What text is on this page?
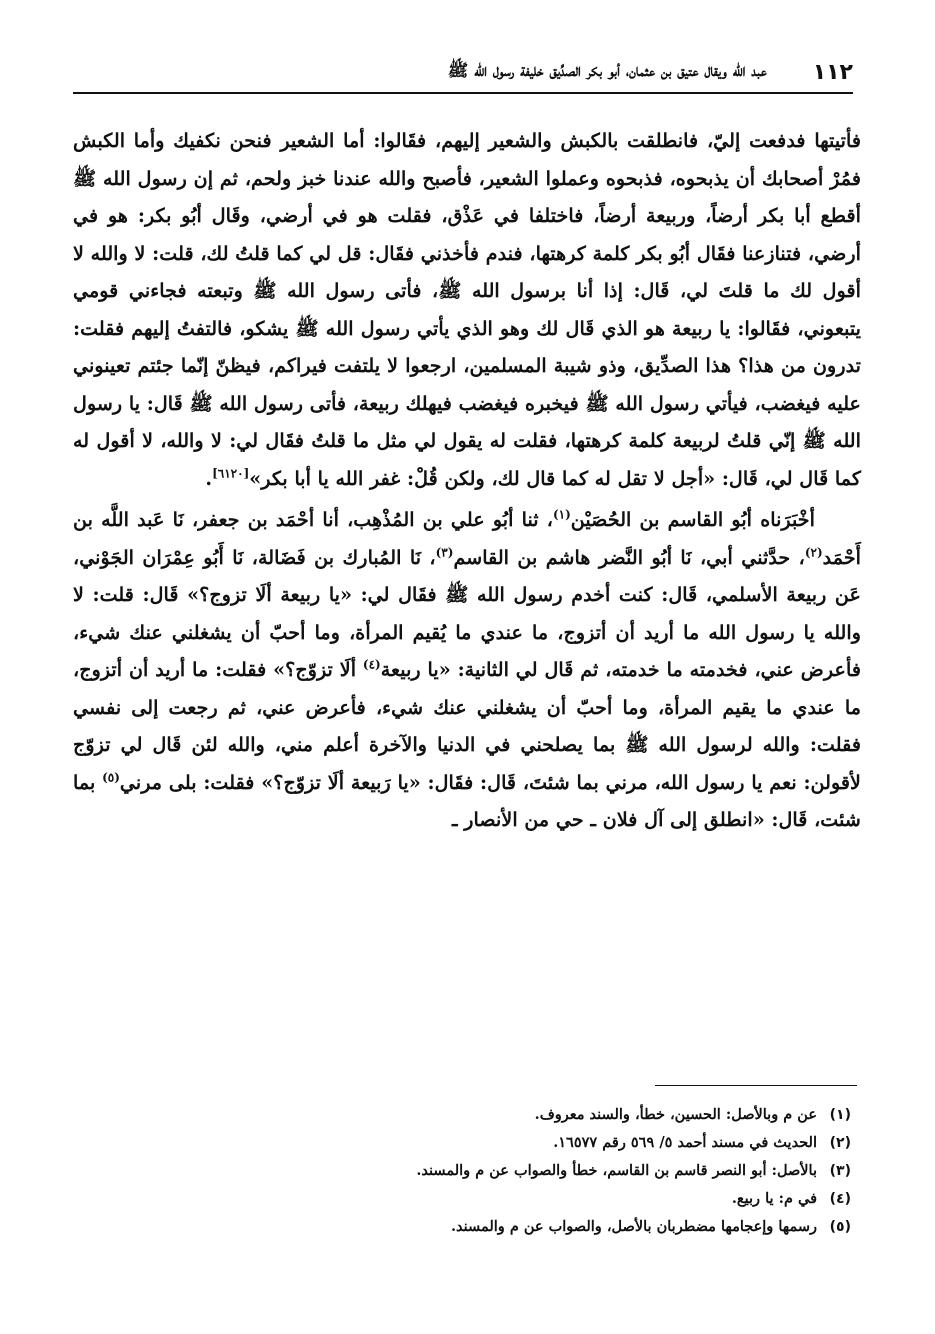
١١٢
عبد الله ويقال عتيق بن عثمان، أبو بكر الصدِّيق خليفة رسول الله ﷺ

فأتيتها فدفعت إليّ، فانطلقت بالكبش والشعير إليهم، فقَالوا: أما الشعير فنحن نكفيك وأما الكبش فمُرْ أصحابك أن يذبحوه، فذبحوه وعملوا الشعير، فأصبح والله عندنا خبز ولحم، ثم إن رسول الله ﷺ أقطع أبا بكر أرضاً، وربيعة أرضاً، فاختلفا في عَذْق، فقلت هو في أرضي، وقَال أبُو بكر: هو في أرضي، فتنازعنا فقَال أبُو بكر كلمة كرهتها، فندم فأخذني فقَال: قل لي كما قلتُ لك، قلت: لا والله لا أقول لك ما قلتَ لي، قَال: إذا أنا برسول الله ﷺ، فأتى رسول الله ﷺ وتبعته فجاءني قومي يتبعوني، فقَالوا: يا ربيعة هو الذي قَال لك وهو الذي يأتي رسول الله ﷺ يشكو، فالتفتُ إليهم فقلت: تدرون من هذا؟ هذا الصدِّيق، وذو شيبة المسلمين، ارجعوا لا يلتفت فيراكم، فيظنّ إنّما جئتم تعينوني عليه فيغضب، فيأتي رسول الله ﷺ فيخبره فيغضب فيهلك ربيعة، فأتى رسول الله ﷺ قَال: يا رسول الله ﷺ إنّي قلتُ لربيعة كلمة كرهتها، فقلت له يقول لي مثل ما قلتُ فقَال لي: لا والله، لا أقول له كما قَال لي، قَال: «أجل لا تقل له كما قال لك، ولكن قُلْ: غفر الله يا أبا بكر»[٦١٢٠].

أخْبَرَناه أبُو القاسم بن الحُصَيْن$^{(١)}$، ثنا أبُو علي بن المُذْهِب، أنا أحْمَد بن جعفر، نَا عَبد اللَّه بن أَحْمَد$^{(٢)}$، حدَّثني أبي، نَا أبُو النَّضر هاشم بن القاسم$^{(٣)}$، نَا المُبارك بن فَضَالة، نَا أَبُو عِمْرَان الجَوْني، عَن ربيعة الأسلمي، قَال: كنت أخدم رسول الله ﷺ فقَال لي: «يا ربيعة ألَا تزوج؟» قَال: قلت: لا والله يا رسول الله ما أريد أن أتزوج، ما عندي ما يُقيم المرأة، وما أحبّ أن يشغلني عنك شيء، فأعرض عني، فخدمته ما خدمته، ثم قَال لي الثانية: «يا ربيعة$^{(٤)}$ ألَا تزوّج؟» فقلت: ما أريد أن أتزوج، ما عندي ما يقيم المرأة، وما أحبّ أن يشغلني عنك شيء، فأعرض عني، ثم رجعت إلى نفسي فقلت: والله لرسول الله ﷺ بما يصلحني في الدنيا والآخرة أعلم مني، والله لئن قَال لي تزوّج لأقولن: نعم يا رسول الله، مرني بما شئتَ، قَال: فقَال: «يا رَبيعة ألَا تزوّج؟» فقلت: بلى مرني$^{(٥)}$ بما شئت، قَال: «انطلق إلى آل فلان ـ حي من الأنصار ـ

(١)
عن م وبالأصل: الحسين، خطأ، والسند معروف.
(٢)
الحديث في مسند أحمد ٥/ ٥٦٩ رقم ١٦٥٧٧.
(٣)
بالأصل: أبو النصر قاسم بن القاسم، خطأ والصواب عن م والمسند.
(٤)
في م: يا ربيع.
(٥)
رسمها وإعجامها مضطربان بالأصل، والصواب عن م والمسند.
